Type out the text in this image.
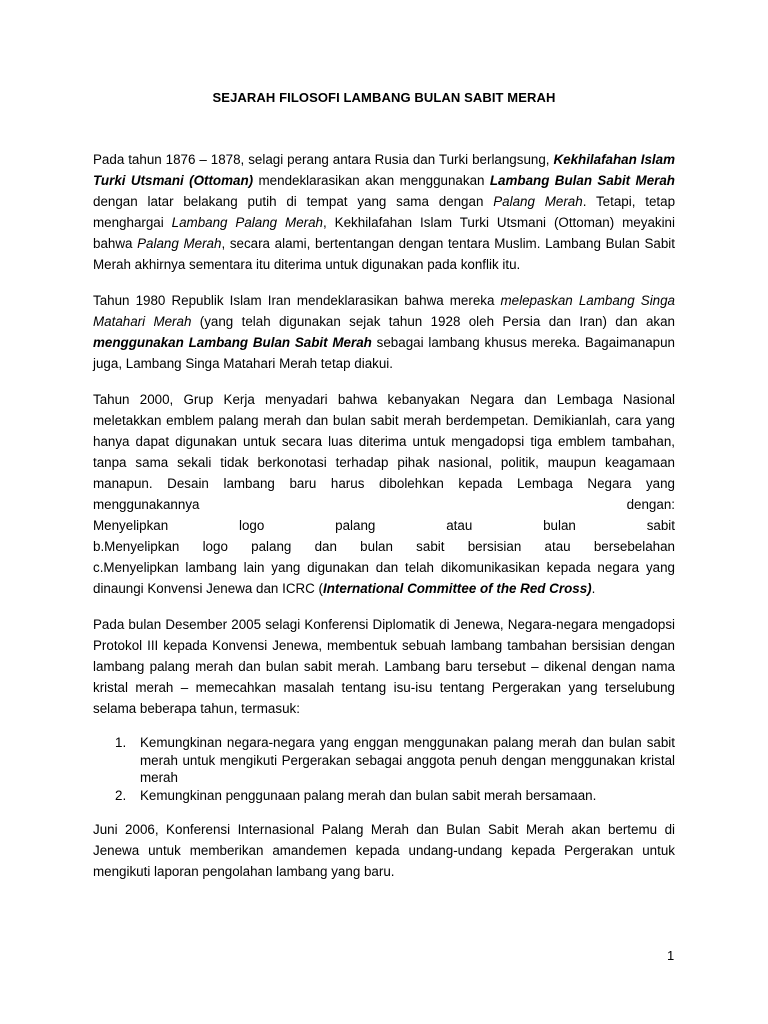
SEJARAH FILOSOFI LAMBANG BULAN SABIT MERAH

Pada tahun 1876 – 1878, selagi perang antara Rusia dan Turki berlangsung, Kekhilafahan Islam Turki Utsmani (Ottoman) mendeklarasikan akan menggunakan Lambang Bulan Sabit Merah dengan latar belakang putih di tempat yang sama dengan Palang Merah. Tetapi, tetap menghargai Lambang Palang Merah, Kekhilafahan Islam Turki Utsmani (Ottoman) meyakini bahwa Palang Merah, secara alami, bertentangan dengan tentara Muslim. Lambang Bulan Sabit Merah akhirnya sementara itu diterima untuk digunakan pada konflik itu.

Tahun 1980 Republik Islam Iran mendeklarasikan bahwa mereka melepaskan Lambang Singa Matahari Merah (yang telah digunakan sejak tahun 1928 oleh Persia dan Iran) dan akan menggunakan Lambang Bulan Sabit Merah sebagai lambang khusus mereka. Bagaimanapun juga, Lambang Singa Matahari Merah tetap diakui.

Tahun 2000, Grup Kerja menyadari bahwa kebanyakan Negara dan Lembaga Nasional meletakkan emblem palang merah dan bulan sabit merah berdempetan. Demikianlah, cara yang hanya dapat digunakan untuk secara luas diterima untuk mengadopsi tiga emblem tambahan, tanpa sama sekali tidak berkonotasi terhadap pihak nasional, politik, maupun keagamaan manapun. Desain lambang baru harus dibolehkan kepada Lembaga Negara yang menggunakannya dengan:

Menyelipkan logo palang atau bulan sabit

b.Menyelipkan logo palang dan bulan sabit bersisian atau bersebelahan

c.Menyelipkan lambang lain yang digunakan dan telah dikomunikasikan kepada negara yang dinaungi Konvensi Jenewa dan ICRC (International Committee of the Red Cross).

Pada bulan Desember 2005 selagi Konferensi Diplomatik di Jenewa, Negara-negara mengadopsi Protokol III kepada Konvensi Jenewa, membentuk sebuah lambang tambahan bersisian dengan lambang palang merah dan bulan sabit merah. Lambang baru tersebut – dikenal dengan nama kristal merah – memecahkan masalah tentang isu-isu tentang Pergerakan yang terselubung selama beberapa tahun, termasuk:

1. Kemungkinan negara-negara yang enggan menggunakan palang merah dan bulan sabit merah untuk mengikuti Pergerakan sebagai anggota penuh dengan menggunakan kristal merah
2. Kemungkinan penggunaan palang merah dan bulan sabit merah bersamaan.

Juni 2006, Konferensi Internasional Palang Merah dan Bulan Sabit Merah akan bertemu di Jenewa untuk memberikan amandemen kepada undang-undang kepada Pergerakan untuk mengikuti laporan pengolahan lambang yang baru.

1
